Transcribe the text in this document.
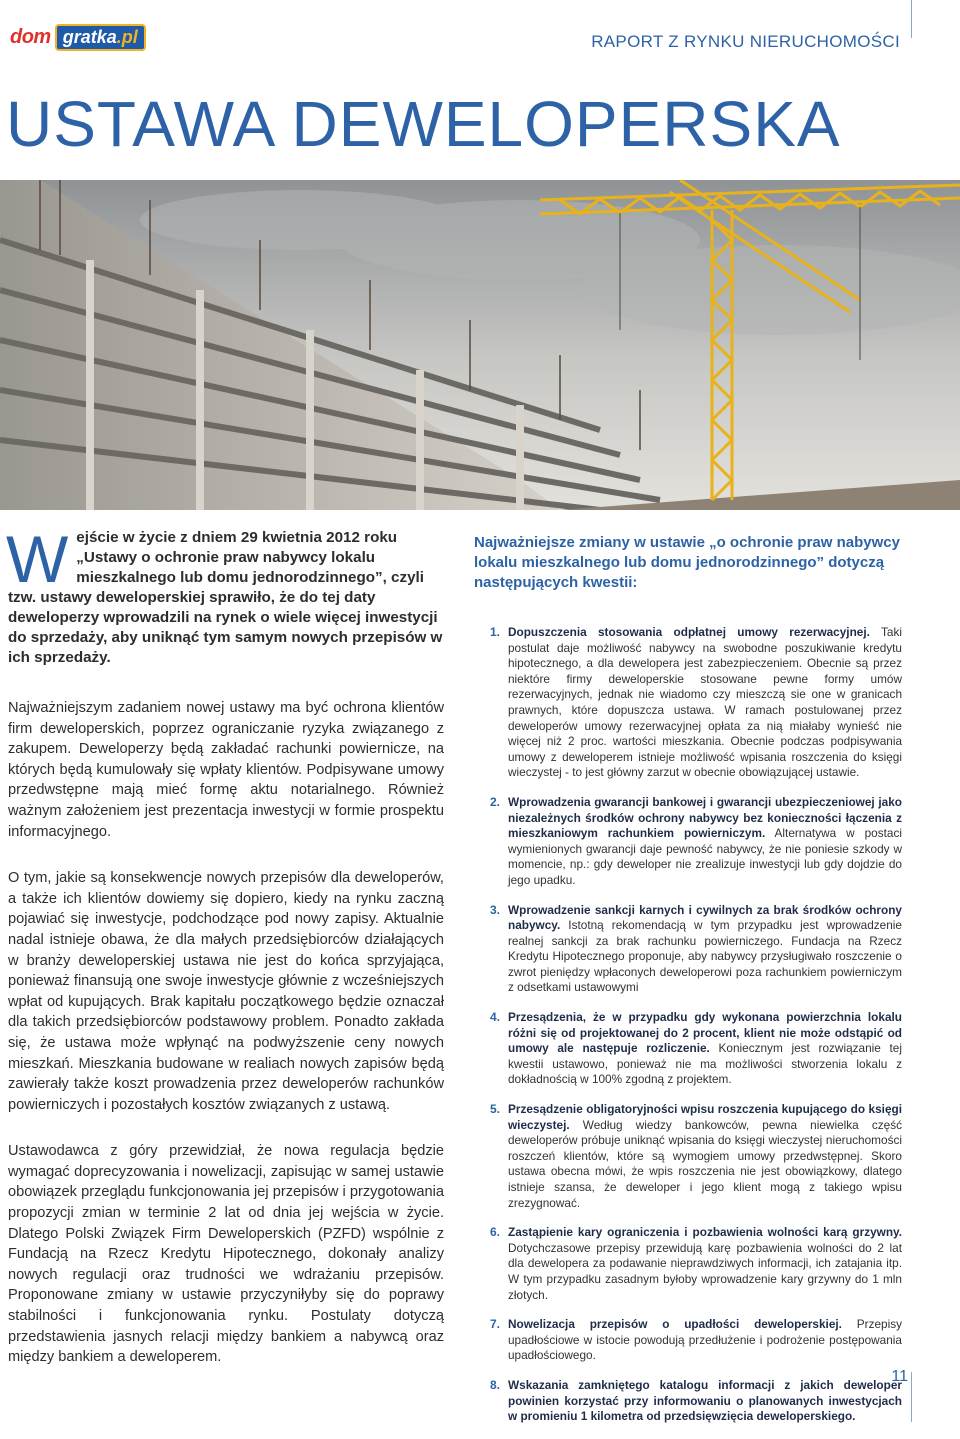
dom gratka.pl	RAPORT Z RYNKU NIERUCHOMOŚCI
USTAWA DEWELOPERSKA

Wejście w życie z dniem 29 kwietnia 2012 roku „Ustawy o ochronie praw nabywcy lokalu mieszkalnego lub domu jednorodzinnego”, czyli tzw. ustawy deweloperskiej sprawiło, że do tej daty deweloperzy wprowadzili na rynek o wiele więcej inwestycji do sprzedaży, aby uniknąć tym samym nowych przepisów w ich sprzedaży.

Najważniejszym zadaniem nowej ustawy ma być ochrona klientów firm deweloperskich, poprzez ograniczanie ryzyka związanego z zakupem. Deweloperzy będą zakładać rachunki powiernicze, na których będą kumulowały się wpłaty klientów. Podpisywane umowy przedwstępne mają mieć formę aktu notarialnego. Również ważnym założeniem jest prezentacja inwestycji w formie prospektu informacyjnego.

O tym, jakie są konsekwencje nowych przepisów dla deweloperów, a także ich klientów dowiemy się dopiero, kiedy na rynku zaczną pojawiać się inwestycje, podchodzące pod nowy zapisy. Aktualnie nadal istnieje obawa, że dla małych przedsiębiorców działających w branży deweloperskiej ustawa nie jest do końca sprzyjająca, ponieważ finansują one swoje inwestycje głównie z wcześniejszych wpłat od kupujących. Brak kapitału początkowego będzie oznaczał dla takich przedsiębiorców podstawowy problem. Ponadto zakłada się, że ustawa może wpłynąć na podwyższenie ceny nowych mieszkań. Mieszkania budowane w realiach nowych zapisów będą zawierały także koszt prowadzenia przez deweloperów rachunków powierniczych i pozostałych kosztów związanych z ustawą.

Ustawodawca z góry przewidział, że nowa regulacja będzie wymagać doprecyzowania i nowelizacji, zapisując w samej ustawie obowiązek przeglądu funkcjonowania jej przepisów i przygotowania propozycji zmian w terminie 2 lat od dnia jej wejścia w życie. Dlatego Polski Związek Firm Deweloperskich (PZFD) wspólnie z Fundacją na Rzecz Kredytu Hipotecznego, dokonały analizy nowych regulacji oraz trudności we wdrażaniu przepisów. Proponowane zmiany w ustawie przyczyniłyby się do poprawy stabilności i funkcjonowania rynku. Postulaty dotyczą przedstawienia jasnych relacji między bankiem a nabywcą oraz między bankiem a deweloperem.

Najważniejsze zmiany w ustawie „o ochronie praw nabywcy lokalu mieszkalnego lub domu jednorodzinnego” dotyczą następujących kwestii:
1. Dopuszczenia stosowania odpłatnej umowy rezerwacyjnej. Taki postulat daje możliwość nabywcy na swobodne poszukiwanie kredytu hipotecznego, a dla dewelopera jest zabezpieczeniem. Obecnie są przez niektóre firmy deweloperskie stosowane pewne formy umów rezerwacyjnych, jednak nie wiadomo czy mieszczą sie one w granicach prawnych, które dopuszcza ustawa. W ramach postulowanej przez deweloperów umowy rezerwacyjnej opłata za nią miałaby wynieść nie więcej niż 2 proc. wartości mieszkania. Obecnie podczas podpisywania umowy z deweloperem istnieje możliwość wpisania roszczenia do księgi wieczystej - to jest główny zarzut w obecnie obowiązującej ustawie.
2. Wprowadzenia gwarancji bankowej i gwarancji ubezpieczeniowej jako niezależnych środków ochrony nabywcy bez konieczności łączenia z mieszkaniowym rachunkiem powierniczym. Alternatywa w postaci wymienionych gwarancji daje pewność nabywcy, że nie poniesie szkody w momencie, np.: gdy deweloper nie zrealizuje inwestycji lub gdy dojdzie do jego upadku.
3. Wprowadzenie sankcji karnych i cywilnych za brak środków ochrony nabywcy. Istotną rekomendacją w tym przypadku jest wprowadzenie realnej sankcji za brak rachunku powierniczego. Fundacja na Rzecz Kredytu Hipotecznego proponuje, aby nabywcy przysługiwało roszczenie o zwrot pieniędzy wpłaconych deweloperowi poza rachunkiem powierniczym z odsetkami ustawowymi
4. Przesądzenia, że w przypadku gdy wykonana powierzchnia lokalu różni się od projektowanej do 2 procent, klient nie może odstąpić od umowy ale następuje rozliczenie. Koniecznym jest rozwiązanie tej kwestii ustawowo, ponieważ nie ma możliwości stworzenia lokalu z dokładnością w 100% zgodną z projektem.
5. Przesądzenie obligatoryjności wpisu roszczenia kupującego do księgi wieczystej. Według wiedzy bankowców, pewna niewielka część deweloperów próbuje uniknąć wpisania do księgi wieczystej nieruchomości roszczeń klientów, które są wymogiem umowy przedwstępnej. Skoro ustawa obecna mówi, że wpis roszczenia nie jest obowiązkowy, dlatego istnieje szansa, że deweloper i jego klient mogą z takiego wpisu zrezygnować.
6. Zastąpienie kary ograniczenia i pozbawienia wolności karą grzywny. Dotychczasowe przepisy przewidują karę pozbawienia wolności do 2 lat dla dewelopera za podawanie nieprawdziwych informacji, ich zatajania itp. W tym przypadku zasadnym byłoby wprowadzenie kary grzywny do 1 mln złotych.
7. Nowelizacja przepisów o upadłości deweloperskiej. Przepisy upadłościowe w istocie powodują przedłużenie i podrożenie postępowania upadłościowego.
8. Wskazania zamkniętego katalogu informacji z jakich deweloper powinien korzystać przy informowaniu o planowanych inwestycjach w promieniu 1 kilometra od przedsięwzięcia deweloperskiego.
11
